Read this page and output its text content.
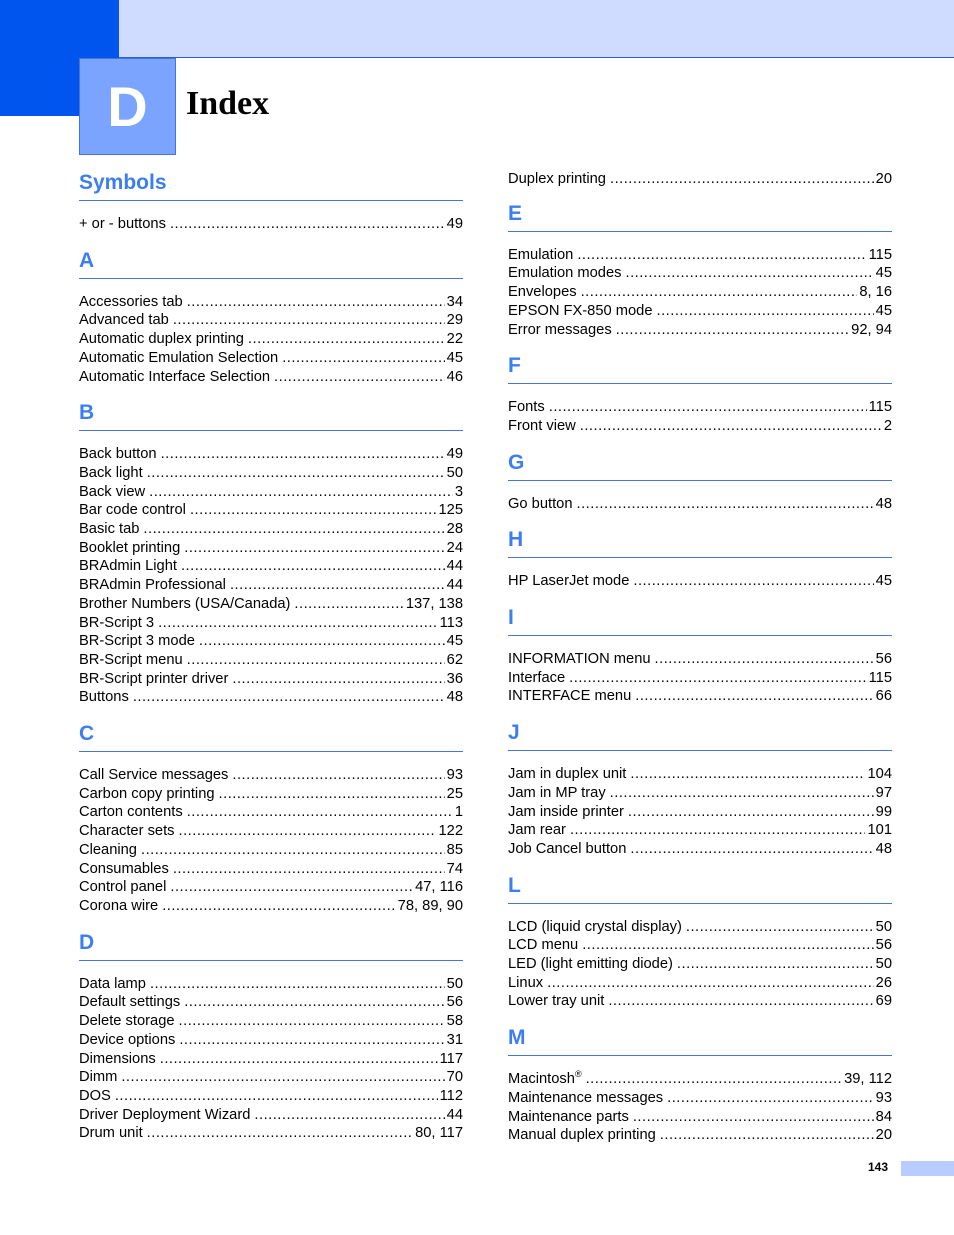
D	Index
Symbols
+ or - buttons .....	49
A
Accessories tab .....	34
Advanced tab .....	29
Automatic duplex printing .....	22
Automatic Emulation Selection .....	45
Automatic Interface Selection .....	46
B
Back button .....	49
Back light .....	50
Back view .....	3
Bar code control .....	125
Basic tab .....	28
Booklet printing .....	24
BRAdmin Light .....	44
BRAdmin Professional .....	44
Brother Numbers (USA/Canada) .....	137, 138
BR-Script 3 .....	113
BR-Script 3 mode .....	45
BR-Script menu .....	62
BR-Script printer driver .....	36
Buttons .....	48
C
Call Service messages .....	93
Carbon copy printing .....	25
Carton contents .....	1
Character sets .....	122
Cleaning .....	85
Consumables .....	74
Control panel .....	47, 116
Corona wire .....	78, 89, 90
D
Data lamp .....	50
Default settings .....	56
Delete storage .....	58
Device options .....	31
Dimensions .....	117
Dimm .....	70
DOS .....	112
Driver Deployment Wizard .....	44
Drum unit .....	80, 117
Duplex printing .....	20
E
Emulation .....	115
Emulation modes .....	45
Envelopes .....	8, 16
EPSON FX-850 mode .....	45
Error messages .....	92, 94
F
Fonts .....	115
Front view .....	2
G
Go button .....	48
H
HP LaserJet mode .....	45
I
INFORMATION menu .....	56
Interface .....	115
INTERFACE menu .....	66
J
Jam in duplex unit .....	104
Jam in MP tray .....	97
Jam inside printer .....	99
Jam rear .....	101
Job Cancel button .....	48
L
LCD (liquid crystal display) .....	50
LCD menu .....	56
LED (light emitting diode) .....	50
Linux .....	26
Lower tray unit .....	69
M
Macintosh® .....	39, 112
Maintenance messages .....	93
Maintenance parts .....	84
Manual duplex printing .....	20
143
